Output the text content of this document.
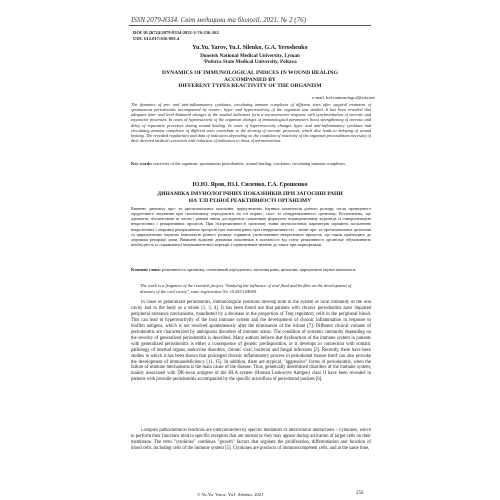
ISSN 2079-8334. Світ медицини та біології. 2021. № 2 (76)
DOI 10.26724/2079-8334-2021-2-76-256-262
UDC 612.017:616-001.4
Yu.Yu. Yarov, Yu.I. Silenko, G.A. Yeroshenko
Donetsk National Medical University, Lyman
¹Poltava State Medical University, Poltava
DYNAMICS OF IMMUNOLOGICAL INDICES IN WOUND HEALING ACCOMPANIED BY
DIFFERENT TYPES REACTIVITY OF THE ORGANISM
e-mail: kaf.onmurologo2@ukr.net
The dynamics of pro- and anti-inflammatory cytokines, circulating immune complexes of different sizes after surgical treatment of spontaneous periodontitis accompanied by normo-, hypo- and hyperreactivity of the organism was studied. It has been revealed that adequate time- and level-balanced changes in the studied indicators form a normoreactive response with synchronization of necrotic and reparative processes. In cases of hyporeactivity of the organism changes of immunological parameters boost strengthening of necrotic and delay of reparative processes during wound healing. In cases of hyperreactivity changes hypo- and anti-inflammatory cytokines and circulating immune complexes of different sizes contribute to the slowing of necrotic processes, which also leads to delaying of wound healing. The revealed regularities and data of indicators depending on the condition of reactivity of the organism preconditions necessity of their directed medical correction with reduction of indicators to those of normoreaction.
Key words: reactivity of the organism, spontaneous periodontitis, wound healing, cytokines, circulating immune complexes.
Ю.Ю. Яров, Ю.І. Силенко, Г.А. Єрошенко
ДИНАМІКА ІМУНОЛОГІЧНИХ ПОКАЗНИКІВ ПРИ ЗАГОЄННІ РАНИ
НА ТЛІ РІЗНОЇ РЕАКТИВНОСТІ ОРГАНІЗМУ
Вивчено динаміку про- та протизапальних цитокінів, циркулюючих імунних комплексів різного розміру після проведеного хірургічного лікування при спонтанному періодонтиті на тлі нормо-, гіпо- та гіперреактивності організму. Встановлено, що адекватні, збалансовані за часом і рівнем зміни досліджених показників формують нормореактивну відповідь із синхронізацією некротичних і репаративних процесів. При гіпореактивності організму зміни імунологічних параметрів сприяють посиленню некротичних і затримці репаративних процесів при загоєнні рани; при гіперреактивності – зміни про- та протизапальних цитокінів та циркулюючих імунних комплексів різного розміру сприяють уповільненню некротичних процесів, що також призводить до затримки репарації рани. Виявлені відмінні динаміки показників в залежності від стану реактивності організму обумовлюють необхідність їх спрямованої медикаментозної корекції з приведенням значень до таких при нормореакції.
Ключові слова: реактивність організму, спонтанний періодонтит, загоєння рани, цитокіни, циркулюючі імунні комплекси.
The work is a fragment of the research project "Studying the influence of oral fluid and biofilm on the development of diseases of the oral cavity", state registration No. 0120U104694.
In cases of generalized periodontitis, immunological reactions develop both in the system of local immunity of the oral cavity and in the body as a whole [1, 3, 4]. It has been found out that patients with chronic periodontitis have impaired peripheral tolerance mechanisms, manifested by a decrease in the proportion of Treg regulatory cells in the peripheral blood. This can lead to hyperreactivity of the host immune system and the development of chronic inflammation in response to biofilm antigens, which is not resolved spontaneously after the elimination of the irritant [7]. Different clinical variants of periodontitis are characterized by ambiguous disorders of immune status. The condition of systemic immunity depending on the severity of generalized periodontitis is described. Many authors believe that dysfunction of the immune system in patients with generalized periodontitis is either a consequence of genetic predisposition, or it develops in connection with somatic pathology of internal organs, endocrine disorders, chronic viral, bacterial and fungal infections [2]. Recently, there have been studies in which it has been shown that prolonged chronic inflammatory process in periodontal tissues itself can also provoke the development of immunodeficiency [11, 15]. In addition, there are atypical, "aggressive" forms of periodontitis, when the failure of immune mechanisms is the main cause of the disease. Thus, genetically determined disorders of the immune system, mainly associated with DR-locus antigens of the HLA system (Human Leukocyte Antigen) class II have been revealed in patients with juvenile periodontitis accompanied by the specific microflora of periodontal pockets [6].
Complex pathochemical reactions are interconnected by specific mediators of intercellular interactions – cytokines, which to perform their functions bind to specific receptors that are normal or they may appear during activation of target cells on their membrane. The term "cytokines" combines "growth" factors that regulate the proliferation, differentiation and function of blood cells, including cells of the immune system [5]. Cytokines are products of immunocompetent cells, and at the same time,
© Yu.Yu. Yarov, Yu.I. Silenko, 2021	256
